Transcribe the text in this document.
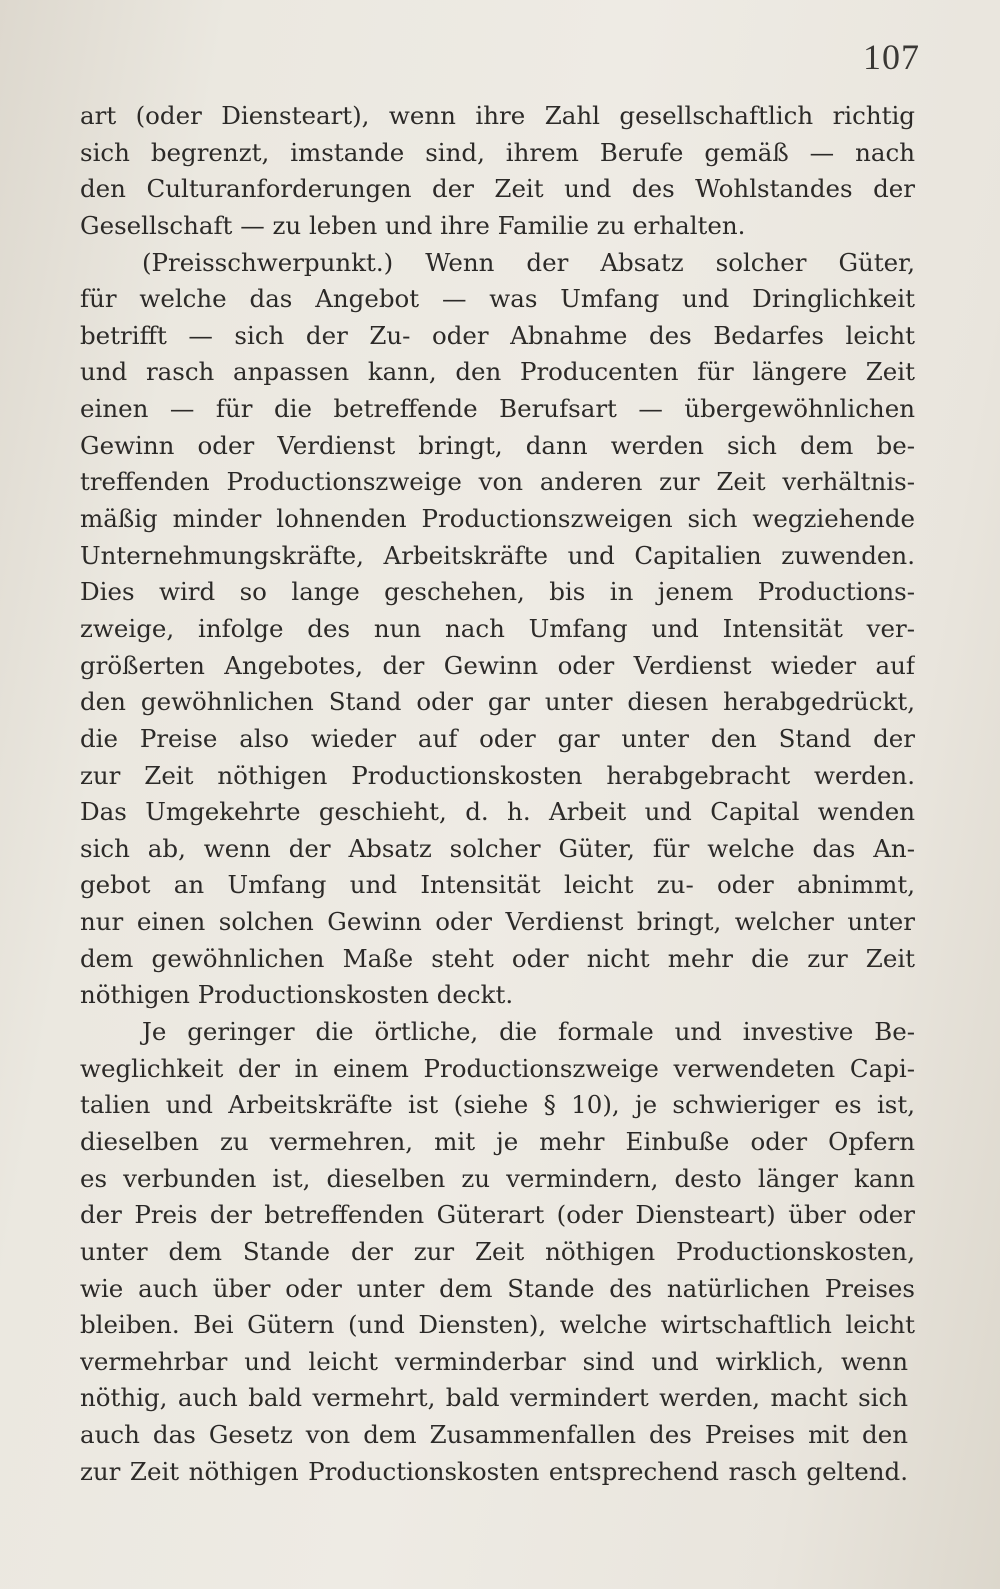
107
art (oder Diensteart), wenn ihre Zahl gesellschaftlich richtig
sich begrenzt, imstande sind, ihrem Berufe gemäß — nach
den Culturanforderungen der Zeit und des Wohlstandes der
Gesellschaft — zu leben und ihre Familie zu erhalten.
(Preisschwerpunkt.) Wenn der Absatz solcher Güter,
für welche das Angebot — was Umfang und Dringlichkeit
betrifft — sich der Zu- oder Abnahme des Bedarfes leicht
und rasch anpassen kann, den Producenten für längere Zeit
einen — für die betreffende Berufsart — übergewöhnlichen
Gewinn oder Verdienst bringt, dann werden sich dem be-
treffenden Productionszweige von anderen zur Zeit verhältnis-
mäßig minder lohnenden Productionszweigen sich wegziehende
Unternehmungskräfte, Arbeitskräfte und Capitalien zuwenden.
Dies wird so lange geschehen, bis in jenem Productions-
zweige, infolge des nun nach Umfang und Intensität ver-
größerten Angebotes, der Gewinn oder Verdienst wieder auf
den gewöhnlichen Stand oder gar unter diesen herabgedrückt,
die Preise also wieder auf oder gar unter den Stand der
zur Zeit nöthigen Productionskosten herabgebracht werden.
Das Umgekehrte geschieht, d. h. Arbeit und Capital wenden
sich ab, wenn der Absatz solcher Güter, für welche das An-
gebot an Umfang und Intensität leicht zu- oder abnimmt,
nur einen solchen Gewinn oder Verdienst bringt, welcher unter
dem gewöhnlichen Maße steht oder nicht mehr die zur Zeit
nöthigen Productionskosten deckt.
Je geringer die örtliche, die formale und investive Be-
weglichkeit der in einem Productionszweige verwendeten Capi-
talien und Arbeitskräfte ist (siehe § 10), je schwieriger es ist,
dieselben zu vermehren, mit je mehr Einbuße oder Opfern
es verbunden ist, dieselben zu vermindern, desto länger kann
der Preis der betreffenden Güterart (oder Diensteart) über oder
unter dem Stande der zur Zeit nöthigen Productionskosten,
wie auch über oder unter dem Stande des natürlichen Preises
bleiben. Bei Gütern (und Diensten), welche wirtschaftlich leicht
vermehrbar und leicht verminderbar sind und wirklich, wenn
nöthig, auch bald vermehrt, bald vermindert werden, macht sich
auch das Gesetz von dem Zusammenfallen des Preises mit den
zur Zeit nöthigen Productionskosten entsprechend rasch geltend.
